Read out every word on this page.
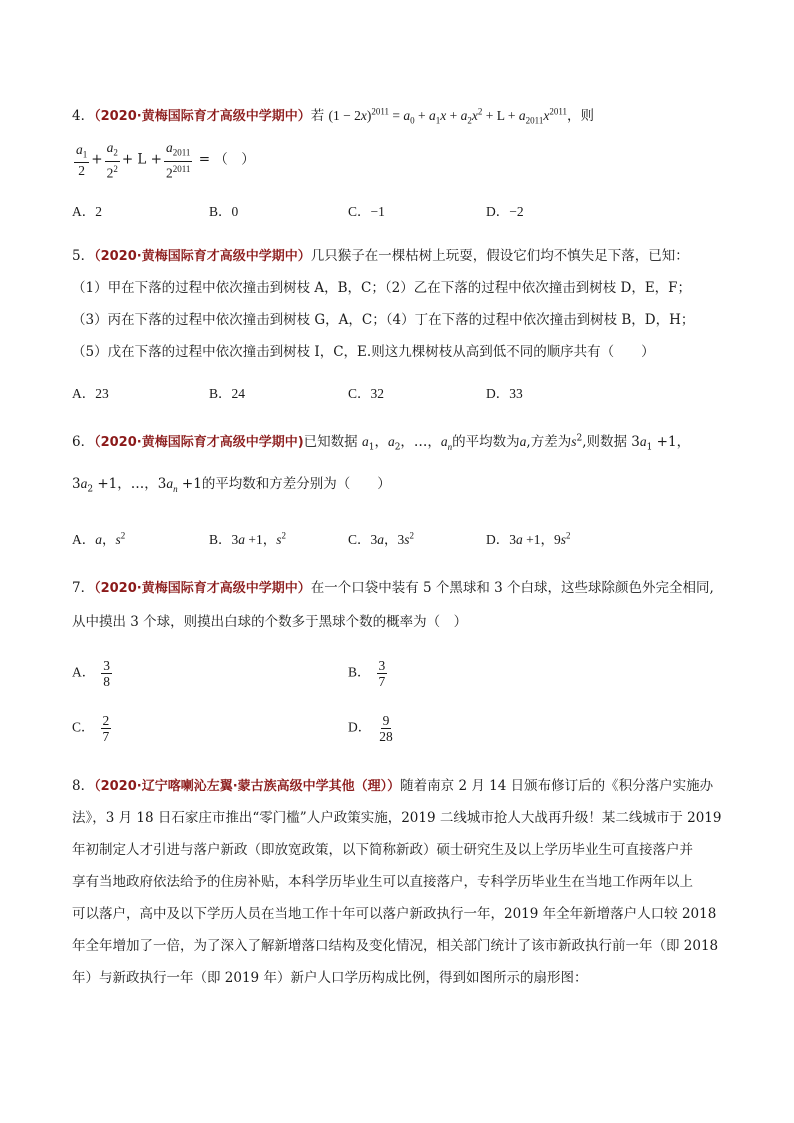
4．（2020·黄梅国际育才高级中学期中）若 $(1 - 2x)^{2011} = a_0 + a_1x + a_2x^2 + L + a_{2011}x^{2011}$，则
$\frac{a_1}{2} + \frac{a_2}{2^2} + L + \frac{a_{2011}}{2^{2011}}$ = （　）
A．2	B．0	C．−1	D．−2
5．（2020·黄梅国际育才高级中学期中）几只猴子在一棵枯树上玩耍，假设它们均不慎失足下落，已知：
（1）甲在下落的过程中依次撞击到树枝 A，B，C；（2）乙在下落的过程中依次撞击到树枝 D，E，F；
（3）丙在下落的过程中依次撞击到树枝 G，A，C；（4）丁在下落的过程中依次撞击到树枝 B，D，H；
（5）戊在下落的过程中依次撞击到树枝 I，C，E.则这九棵树枝从高到低不同的顺序共有（　　）
A．23	B．24	C．32	D．33
6．（2020·黄梅国际育才高级中学期中)已知数据 $a_1$，$a_2$，…，$a_n$的平均数为a,方差为$s^2$,则数据 $3a_1 +1$，
$3a_2 +1$，…，$3a_n +1$的平均数和方差分别为（　　）
A．a，$s^2$	B．3a +1，$s^2$	C．3a，$3s^2$	D．3a +1，$9s^2$
7．（2020·黄梅国际育才高级中学期中）在一个口袋中装有 5 个黑球和 3 个白球，这些球除颜色外完全相同,
从中摸出 3 个球，则摸出白球的个数多于黑球个数的概率为（　）
A． $\frac{3}{8}$	B． $\frac{3}{7}$
C． $\frac{2}{7}$	D． $\frac{9}{28}$
8．（2020·辽宁喀喇沁左翼·蒙古族高级中学其他（理））随着南京 2 月 14 日颁布修订后的《积分落户实施办
法》，3 月 18 日石家庄市推出“零门槛”人户政策实施，2019 二线城市抢人大战再升级！某二线城市于 2019
年初制定人才引进与落户新政（即放宽政策，以下简称新政）硕士研究生及以上学历毕业生可直接落户并
享有当地政府依法给予的住房补贴，本科学历毕业生可以直接落户，专科学历毕业生在当地工作两年以上
可以落户，高中及以下学历人员在当地工作十年可以落户新政执行一年，2019 年全年新增落户人口较 2018
年全年增加了一倍，为了深入了解新增落口结构及变化情况，相关部门统计了该市新政执行前一年（即 2018
年）与新政执行一年（即 2019 年）新户人口学历构成比例，得到如图所示的扇形图：
